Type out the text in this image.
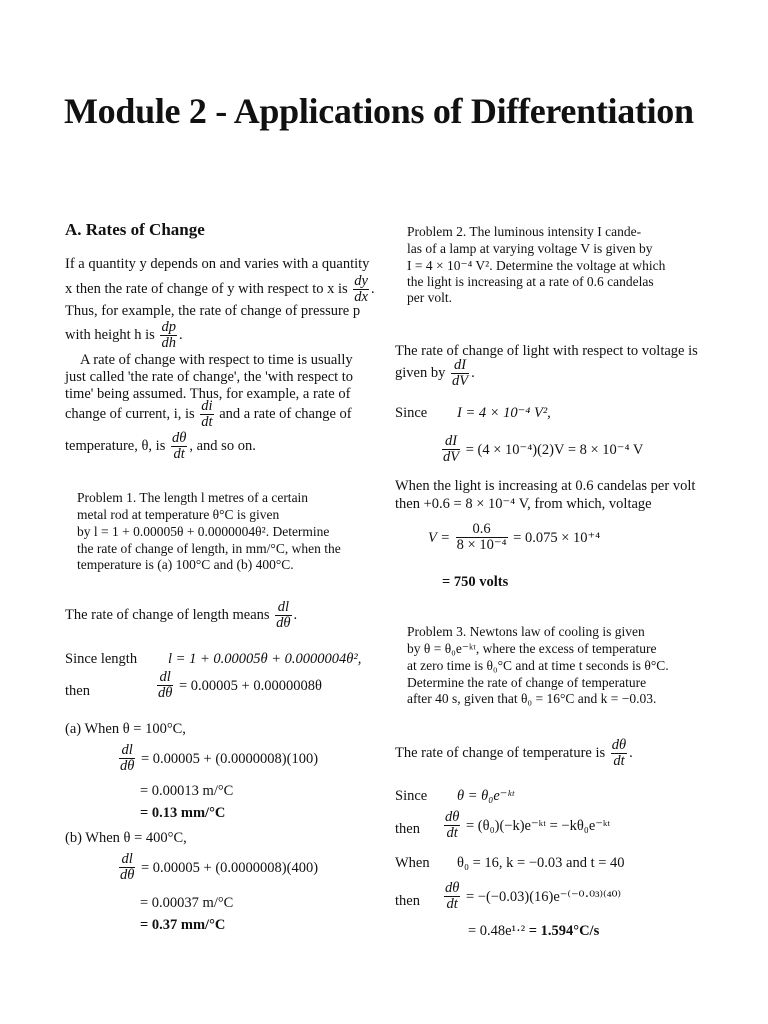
Module 2 - Applications of Differentiation
A. Rates of Change
If a quantity y depends on and varies with a quantity
x then the rate of change of y with respect to x is $\frac{dy}{dx}$ .
Thus, for example, the rate of change of pressure p
with height h is $\frac{dp}{dh}$ .
A rate of change with respect to time is usually
just called 'the rate of change', the 'with respect to
time' being assumed. Thus, for example, a rate of
change of current, i, is $\frac{di}{dt}$ and a rate of change of
temperature, θ, is $\frac{d\theta}{dt}$ , and so on.
Problem 1. The length l metres of a certain
metal rod at temperature θ°C is given
by l = 1 + 0.00005θ + 0.0000004θ². Determine
the rate of change of length, in mm/°C, when the
temperature is (a) 100°C and (b) 400°C.
The rate of change of length means $\frac{dl}{d\theta}$ .
Since length l = 1 + 0.00005θ + 0.0000004θ²,
then	$\frac{dl}{d\theta} = 0.00005 + 0.0000008\theta$
(a) When θ = 100°C,
$\frac{dl}{d\theta} = 0.00005 + (0.0000008)(100)$
= 0.00013 m/°C
= 0.13 mm/°C
(b) When θ = 400°C,
$\frac{dl}{d\theta} = 0.00005 + (0.0000008)(400)$
= 0.00037 m/°C
= 0.37 mm/°C
Problem 2. The luminous intensity I cande-
las of a lamp at varying voltage V is given by
I = 4 × 10⁻⁴ V². Determine the voltage at which
the light is increasing at a rate of 0.6 candelas
per volt.
The rate of change of light with respect to voltage is
given by $\frac{dI}{dV}$ .
Since I = 4 × 10⁻⁴ V²,
$\frac{dI}{dV} = (4 \times 10^{-4})(2)V = 8 \times 10^{-4}$ V
When the light is increasing at 0.6 candelas per volt
then +0.6 = 8 × 10⁻⁴ V, from which, voltage
$V = \frac{0.6}{\text{8 × 10⁻⁴}} = 0.075 \times 10^{+4}$
= 750 volts
Problem 3. Newtons law of cooling is given
by θ = θ₀e⁻ᵏᵗ, where the excess of temperature
at zero time is θ₀°C and at time t seconds is θ°C.
Determine the rate of change of temperature
after 40 s, given that θ₀ = 16°C and k = −0.03.
The rate of change of temperature is $\frac{d\theta}{dt}$ .
Since θ = θ₀e⁻ᵏᵗ
then $\frac{d\theta}{dt}$ = (θ₀)(−k)e⁻ᵏᵗ = −kθ₀e⁻ᵏᵗ
When θ₀ = 16, k = −0.03 and t = 40
then $\frac{d\theta}{dt} = -(-0.03)(16)e^{-(-0}\cdot^{03)(40)}$
= 0.48e¹·² = 1.594°C/s
